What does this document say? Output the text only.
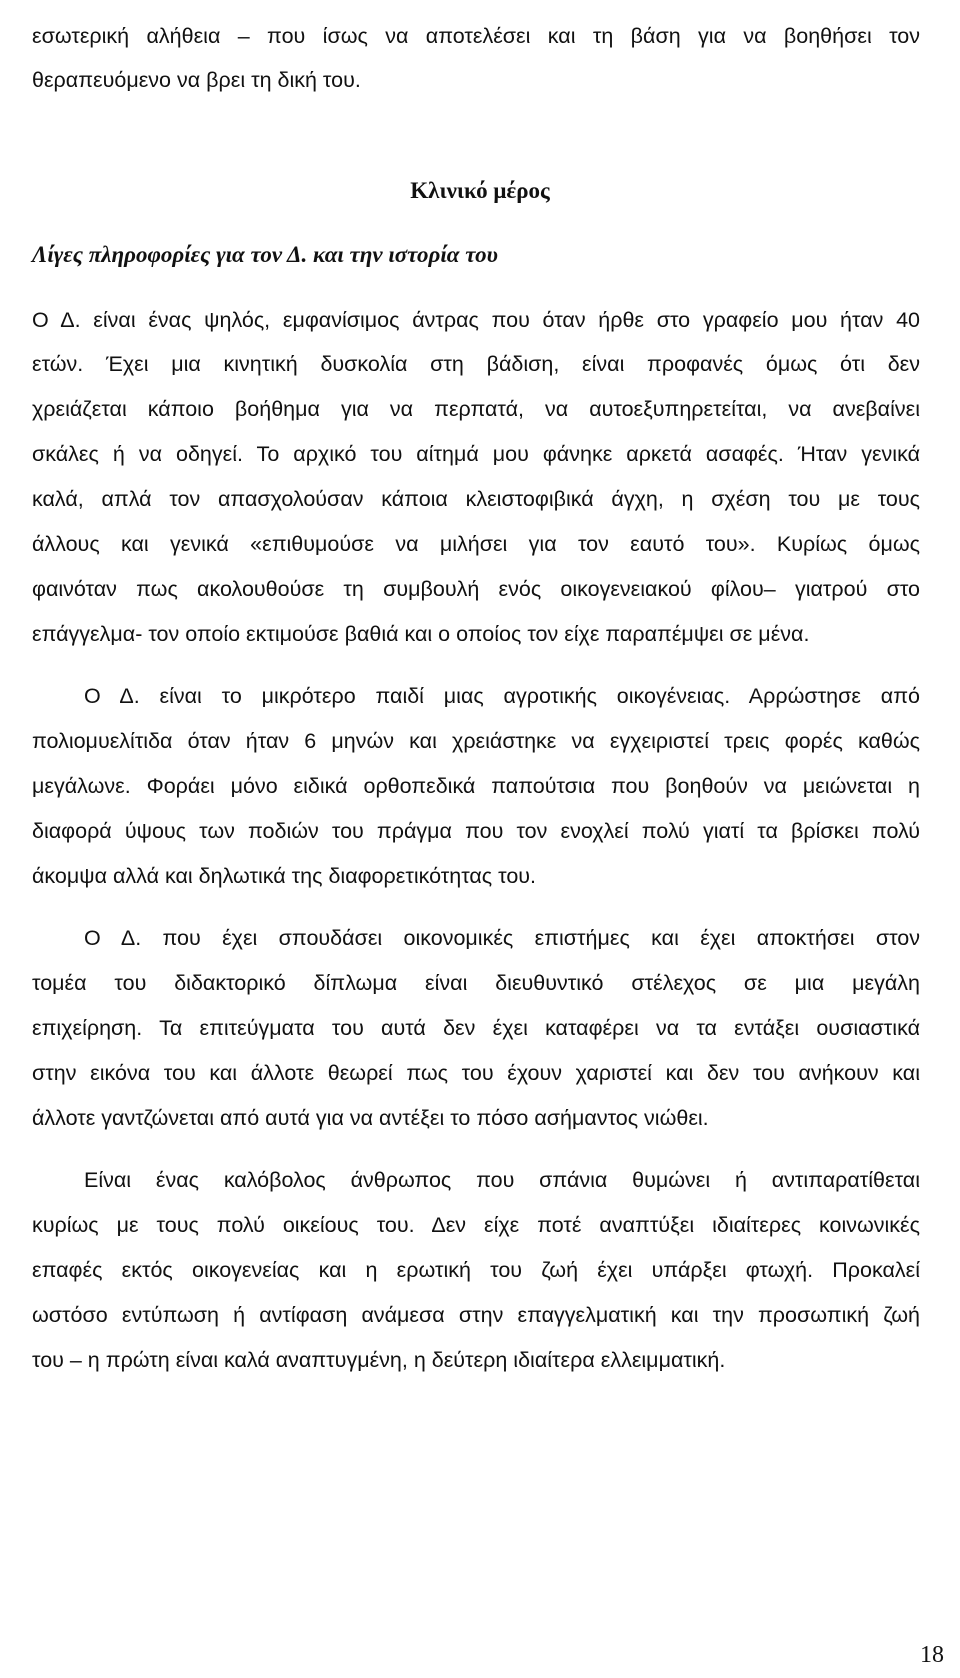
εσωτερική αλήθεια – που ίσως να αποτελέσει και τη βάση για να βοηθήσει τον
θεραπευόμενο να βρει τη δική του.
Κλινικό μέρος
Λίγες πληροφορίες για τον Δ. και την ιστορία του
Ο Δ. είναι ένας ψηλός, εμφανίσιμος άντρας που όταν ήρθε στο γραφείο μου ήταν 40
ετών. Έχει μια κινητική δυσκολία στη βάδιση, είναι προφανές όμως ότι δεν
χρειάζεται κάποιο βοήθημα για να περπατά, να αυτοεξυπηρετείται, να ανεβαίνει
σκάλες ή να οδηγεί. Το αρχικό του αίτημά μου φάνηκε αρκετά ασαφές. Ήταν γενικά
καλά, απλά τον απασχολούσαν κάποια κλειστοφιβικά άγχη, η σχέση του με τους
άλλους και γενικά «επιθυμούσε να μιλήσει για τον εαυτό του». Κυρίως όμως
φαινόταν πως ακολουθούσε τη συμβουλή ενός οικογενειακού φίλου– γιατρού στο
επάγγελμα- τον οποίο εκτιμούσε βαθιά και ο οποίος τον είχε παραπέμψει σε μένα.
Ο Δ. είναι το μικρότερο παιδί μιας αγροτικής οικογένειας. Αρρώστησε από
πολιομυελίτιδα όταν ήταν 6 μηνών και χρειάστηκε να εγχειριστεί τρεις φορές καθώς
μεγάλωνε. Φοράει μόνο ειδικά ορθοπεδικά παπούτσια που βοηθούν να μειώνεται η
διαφορά ύψους των ποδιών του πράγμα που τον ενοχλεί πολύ γιατί τα βρίσκει πολύ
άκομψα αλλά και δηλωτικά της διαφορετικότητας του.
Ο Δ. που έχει σπουδάσει οικονομικές επιστήμες και έχει αποκτήσει στον
τομέα του διδακτορικό δίπλωμα είναι διευθυντικό στέλεχος σε μια μεγάλη
επιχείρηση. Τα επιτεύγματα του αυτά δεν έχει καταφέρει να τα εντάξει ουσιαστικά
στην εικόνα του και άλλοτε θεωρεί πως του έχουν χαριστεί και δεν του ανήκουν και
άλλοτε γαντζώνεται από αυτά για να αντέξει το πόσο ασήμαντος νιώθει.
Είναι ένας καλόβολος άνθρωπος που σπάνια θυμώνει ή αντιπαρατίθεται
κυρίως με τους πολύ οικείους του. Δεν είχε ποτέ αναπτύξει ιδιαίτερες κοινωνικές
επαφές εκτός οικογενείας και η ερωτική του ζωή έχει υπάρξει φτωχή. Προκαλεί
ωστόσο εντύπωση ή αντίφαση ανάμεσα στην επαγγελματική και την προσωπική ζωή
του – η πρώτη είναι καλά αναπτυγμένη, η δεύτερη ιδιαίτερα ελλειμματική.
18
